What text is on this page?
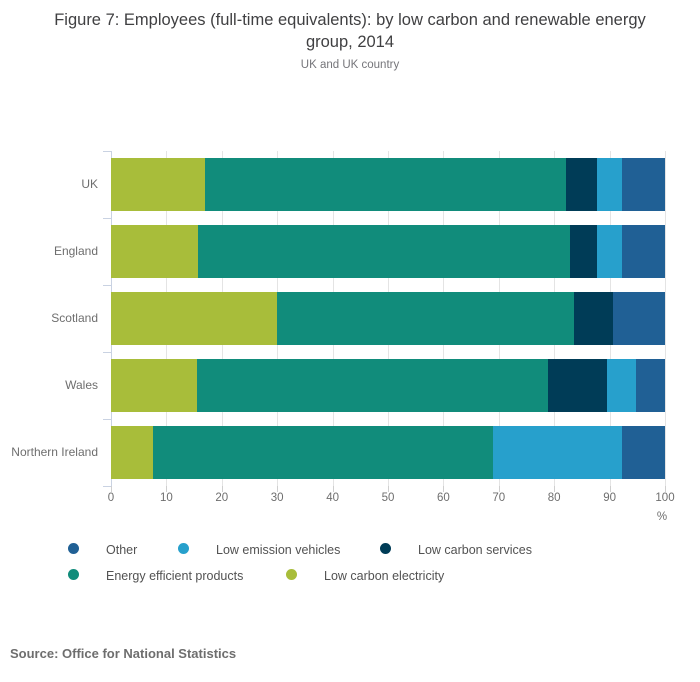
Figure 7: Employees (full-time equivalents): by low carbon and renewable energy group, 2014
UK and UK country
UK
England
Scotland
Wales
Northern Ireland
0	10	20	30	40	50	60	70	80	90	100
%
Other	Low emission vehicles	Low carbon services
Energy efficient products	Low carbon electricity
Source: Office for National Statistics
